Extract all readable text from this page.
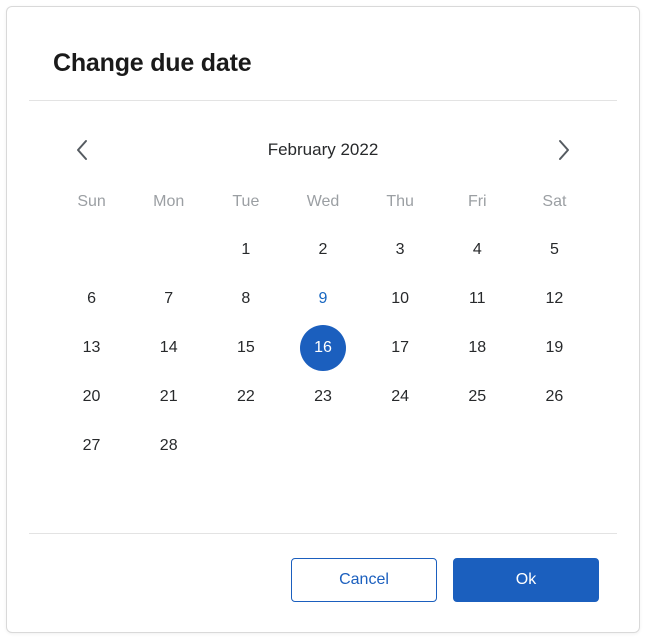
Change due date
February 2022
Sun	Mon	Tue	Wed	Thu	Fri	Sat

		1	2	3	4	5

6	7	8	9	10	11	12

13	14	15	16	17	18	19

20	21	22	23	24	25	26

27	28					

Cancel	Ok
